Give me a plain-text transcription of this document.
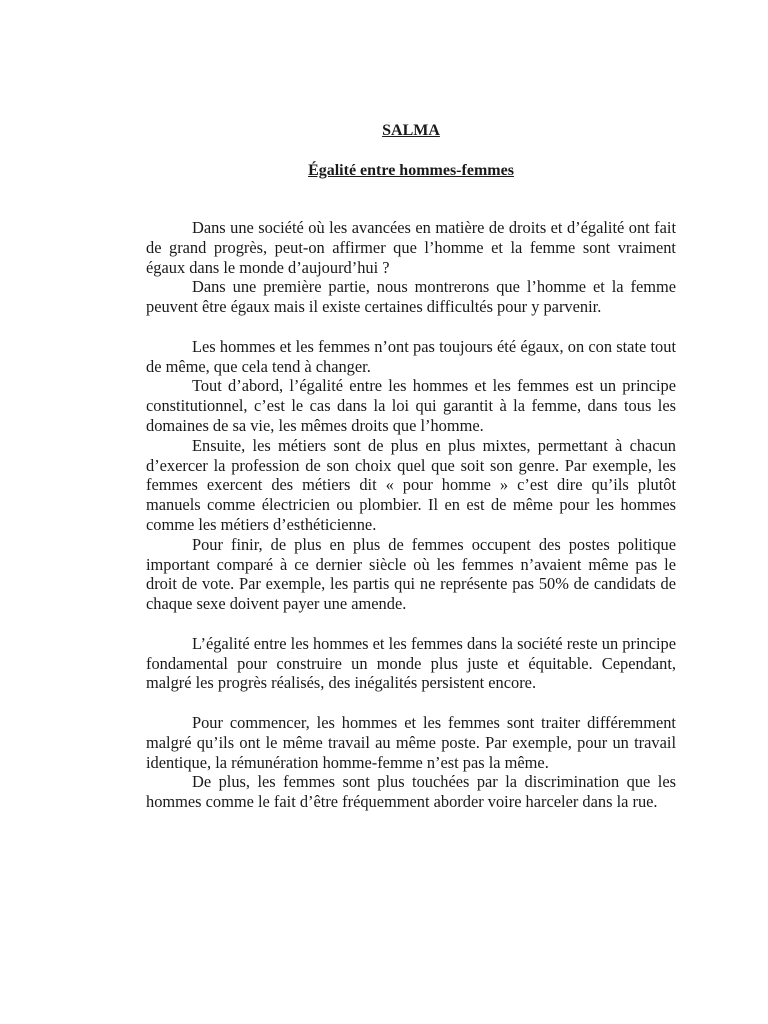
SALMA
Égalité entre hommes-femmes

Dans une société où les avancées en matière de droits et d’égalité ont fait de grand progrès, peut-on affirmer que l’homme et la femme sont vraiment égaux dans le monde d’aujourd’hui ?

Dans une première partie, nous montrerons que l’homme et la femme peuvent être égaux mais il existe certaines difficultés pour y parvenir.

Les hommes et les femmes n’ont pas toujours été égaux, on con state tout de même, que cela tend à changer.

Tout d’abord, l’égalité entre les hommes et les femmes est un principe constitutionnel, c’est le cas dans la loi qui garantit à la femme, dans tous les domaines de sa vie, les mêmes droits que l’homme.

Ensuite, les métiers sont de plus en plus mixtes, permettant à chacun d’exercer la profession de son choix quel que soit son genre. Par exemple, les femmes exercent des métiers dit « pour homme » c’est dire qu’ils plutôt manuels comme électricien ou plombier. Il en est de même pour les hommes comme les métiers d’esthéticienne.

Pour finir, de plus en plus de femmes occupent des postes politique important comparé à ce dernier siècle où les femmes n’avaient même pas le droit de vote. Par exemple, les partis qui ne représente pas 50% de candidats de chaque sexe doivent payer une amende.

L’égalité entre les hommes et les femmes dans la société reste un principe fondamental pour construire un monde plus juste et équitable. Cependant, malgré les progrès réalisés, des inégalités persistent encore.

Pour commencer, les hommes et les femmes sont traiter différemment malgré qu’ils ont le même travail au même poste. Par exemple, pour un travail identique, la rémunération homme-femme n’est pas la même.

De plus, les femmes sont plus touchées par la discrimination que les hommes comme le fait d’être fréquemment aborder voire harceler dans la rue.
